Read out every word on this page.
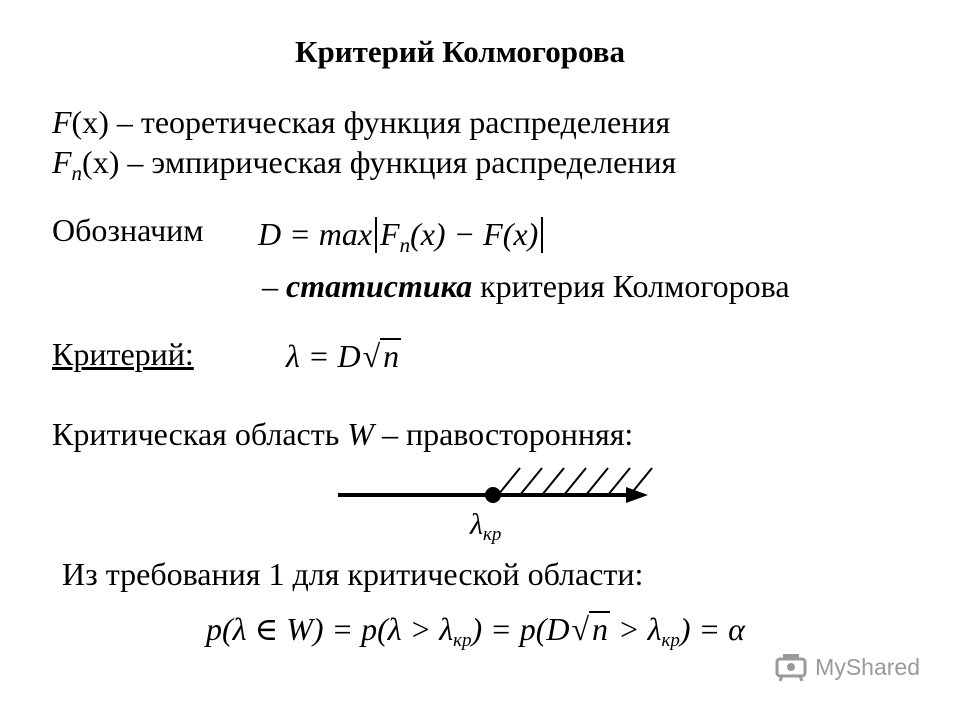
Критерий Колмогорова
F(x) – теоретическая функция распределения
$F_n(x)$ – эмпирическая функция распределения
Обозначим $D = \max F_n(x) - F(x)$
– статистика критерия Колмогорова
Критерий:	λ = D√n
Критическая область W – правосторонняя:
$\lambda_{кр}$
Из требования 1 для критической области:
p(λ ∈ $W) = p(\lambda > \lambda_{кр}) = p(D√n > \lambda_{кр}) = \alpha$
MyShared
